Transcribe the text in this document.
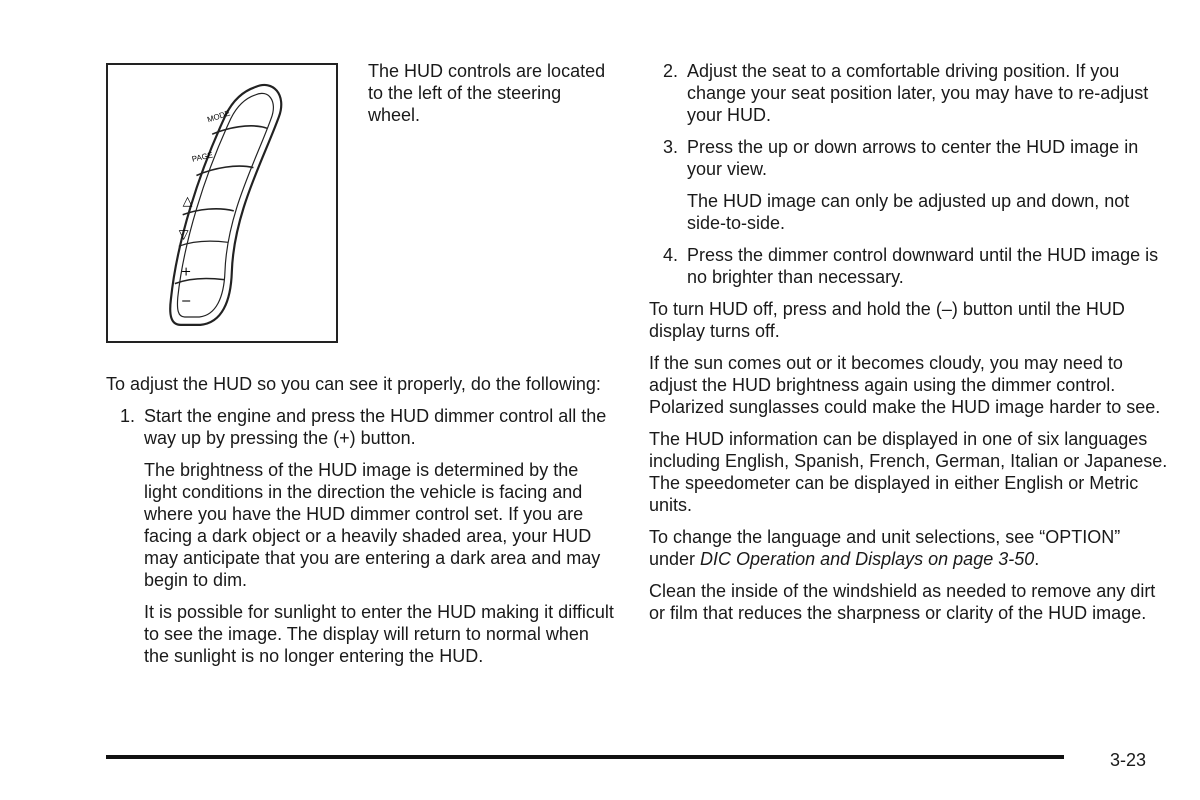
MODE
PAGE
△
▽
+
−
The HUD controls are located to the left of the steering wheel.

To adjust the HUD so you can see it properly, do the following:

1. Start the engine and press the HUD dimmer control all the way up by pressing the (+) button.

The brightness of the HUD image is determined by the light conditions in the direction the vehicle is facing and where you have the HUD dimmer control set. If you are facing a dark object or a heavily shaded area, your HUD may anticipate that you are entering a dark area and may begin to dim.

It is possible for sunlight to enter the HUD making it difficult to see the image. The display will return to normal when the sunlight is no longer entering the HUD.

2. Adjust the seat to a comfortable driving position. If you change your seat position later, you may have to re-adjust your HUD.
3. Press the up or down arrows to center the HUD image in your view.

The HUD image can only be adjusted up and down, not side-to-side.

4. Press the dimmer control downward until the HUD image is no brighter than necessary.

To turn HUD off, press and hold the (–) button until the HUD display turns off.

If the sun comes out or it becomes cloudy, you may need to adjust the HUD brightness again using the dimmer control. Polarized sunglasses could make the HUD image harder to see.

The HUD information can be displayed in one of six languages including English, Spanish, French, German, Italian or Japanese. The speedometer can be displayed in either English or Metric units.

To change the language and unit selections, see “OPTION” under DIC Operation and Displays on page 3-50.

Clean the inside of the windshield as needed to remove any dirt or film that reduces the sharpness or clarity of the HUD image.

3-23
